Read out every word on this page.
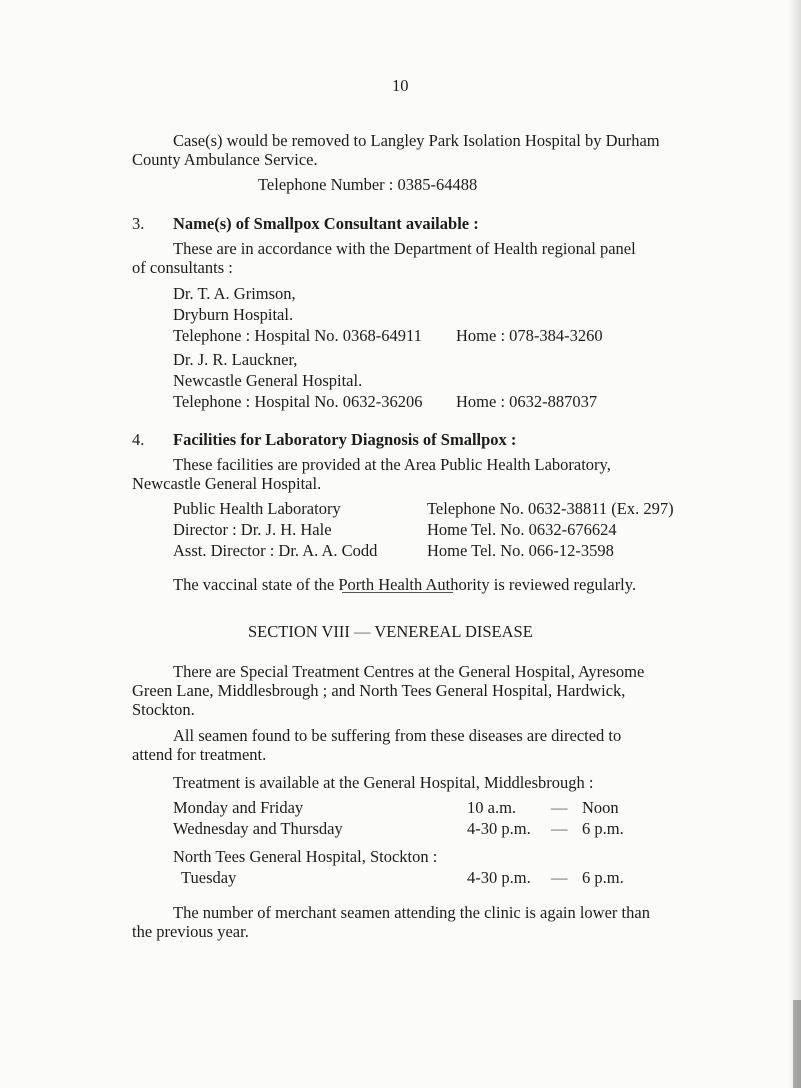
10
Case(s) would be removed to Langley Park Isolation Hospital by Durham
County Ambulance Service.
Telephone Number : 0385-64488
3. Name(s) of Smallpox Consultant available :
These are in accordance with the Department of Health regional panel
of consultants :
Dr. T. A. Grimson,
Dryburn Hospital.
Telephone : Hospital No. 0368-64911 Home : 078-384-3260
Dr. J. R. Lauckner,
Newcastle General Hospital.
Telephone : Hospital No. 0632-36206 Home : 0632-887037
4. Facilities for Laboratory Diagnosis of Smallpox :
These facilities are provided at the Area Public Health Laboratory,
Newcastle General Hospital.
Public Health Laboratory	Telephone No. 0632-38811 (Ex. 297)
Director : Dr. J. H. Hale	Home Tel. No. 0632-676624
Asst. Director : Dr. A. A. Codd	Home Tel. No. 066-12-3598
The vaccinal state of the Porth Health Authority is reviewed regularly.
SECTION VIII — VENEREAL DISEASE
There are Special Treatment Centres at the General Hospital, Ayresome
Green Lane, Middlesbrough ; and North Tees General Hospital, Hardwick,
Stockton.
All seamen found to be suffering from these diseases are directed to
attend for treatment.
Treatment is available at the General Hospital, Middlesbrough :
Monday and Friday	10 a.m. — Noon
Wednesday and Thursday	4-30 p.m. — 6 p.m.
North Tees General Hospital, Stockton :
Tuesday	4-30 p.m. — 6 p.m.
The number of merchant seamen attending the clinic is again lower than
the previous year.
